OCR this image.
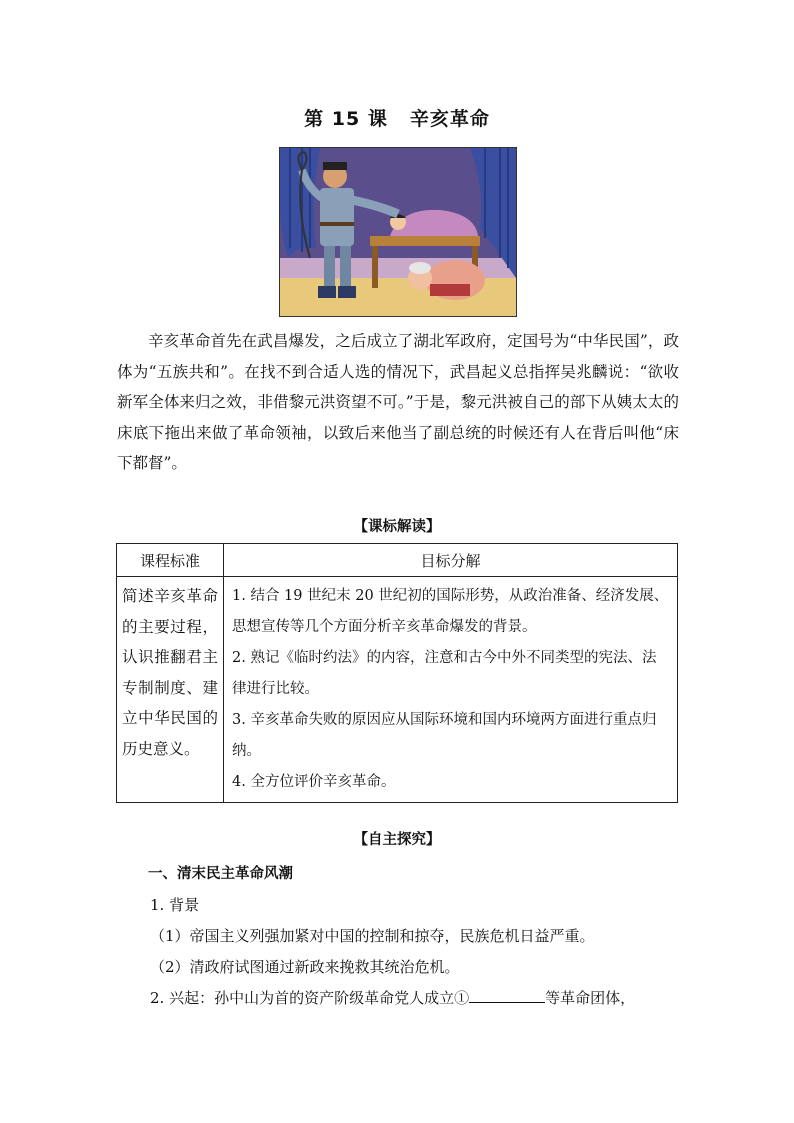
第 15 课 辛亥革命
辛亥革命首先在武昌爆发，之后成立了湖北军政府，定国号为“中华民国”，政体为“五族共和”。在找不到合适人选的情况下，武昌起义总指挥吴兆麟说：“欲收新军全体来归之效，非借黎元洪资望不可。”于是，黎元洪被自己的部下从姨太太的床底下拖出来做了革命领袖，以致后来他当了副总统的时候还有人在背后叫他“床下都督”。
【课标解读】
课程标准	目标分解
简述辛亥革命的主要过程，认识推翻君主专制制度、建立中华民国的历史意义。	1. 结合 19 世纪末 20 世纪初的国际形势，从政治准备、经济发展、思想宣传等几个方面分析辛亥革命爆发的背景。

2. 熟记《临时约法》的内容，注意和古今中外不同类型的宪法、法律进行比较。

3. 辛亥革命失败的原因应从国际环境和国内环境两方面进行重点归纳。

4. 全方位评价辛亥革命。

【自主探究】
一、清末民主革命风潮
1. 背景
（1）帝国主义列强加紧对中国的控制和掠夺，民族危机日益严重。
（2）清政府试图通过新政来挽救其统治危机。
2. 兴起：孙中山为首的资产阶级革命党人成立①	等革命团体，
